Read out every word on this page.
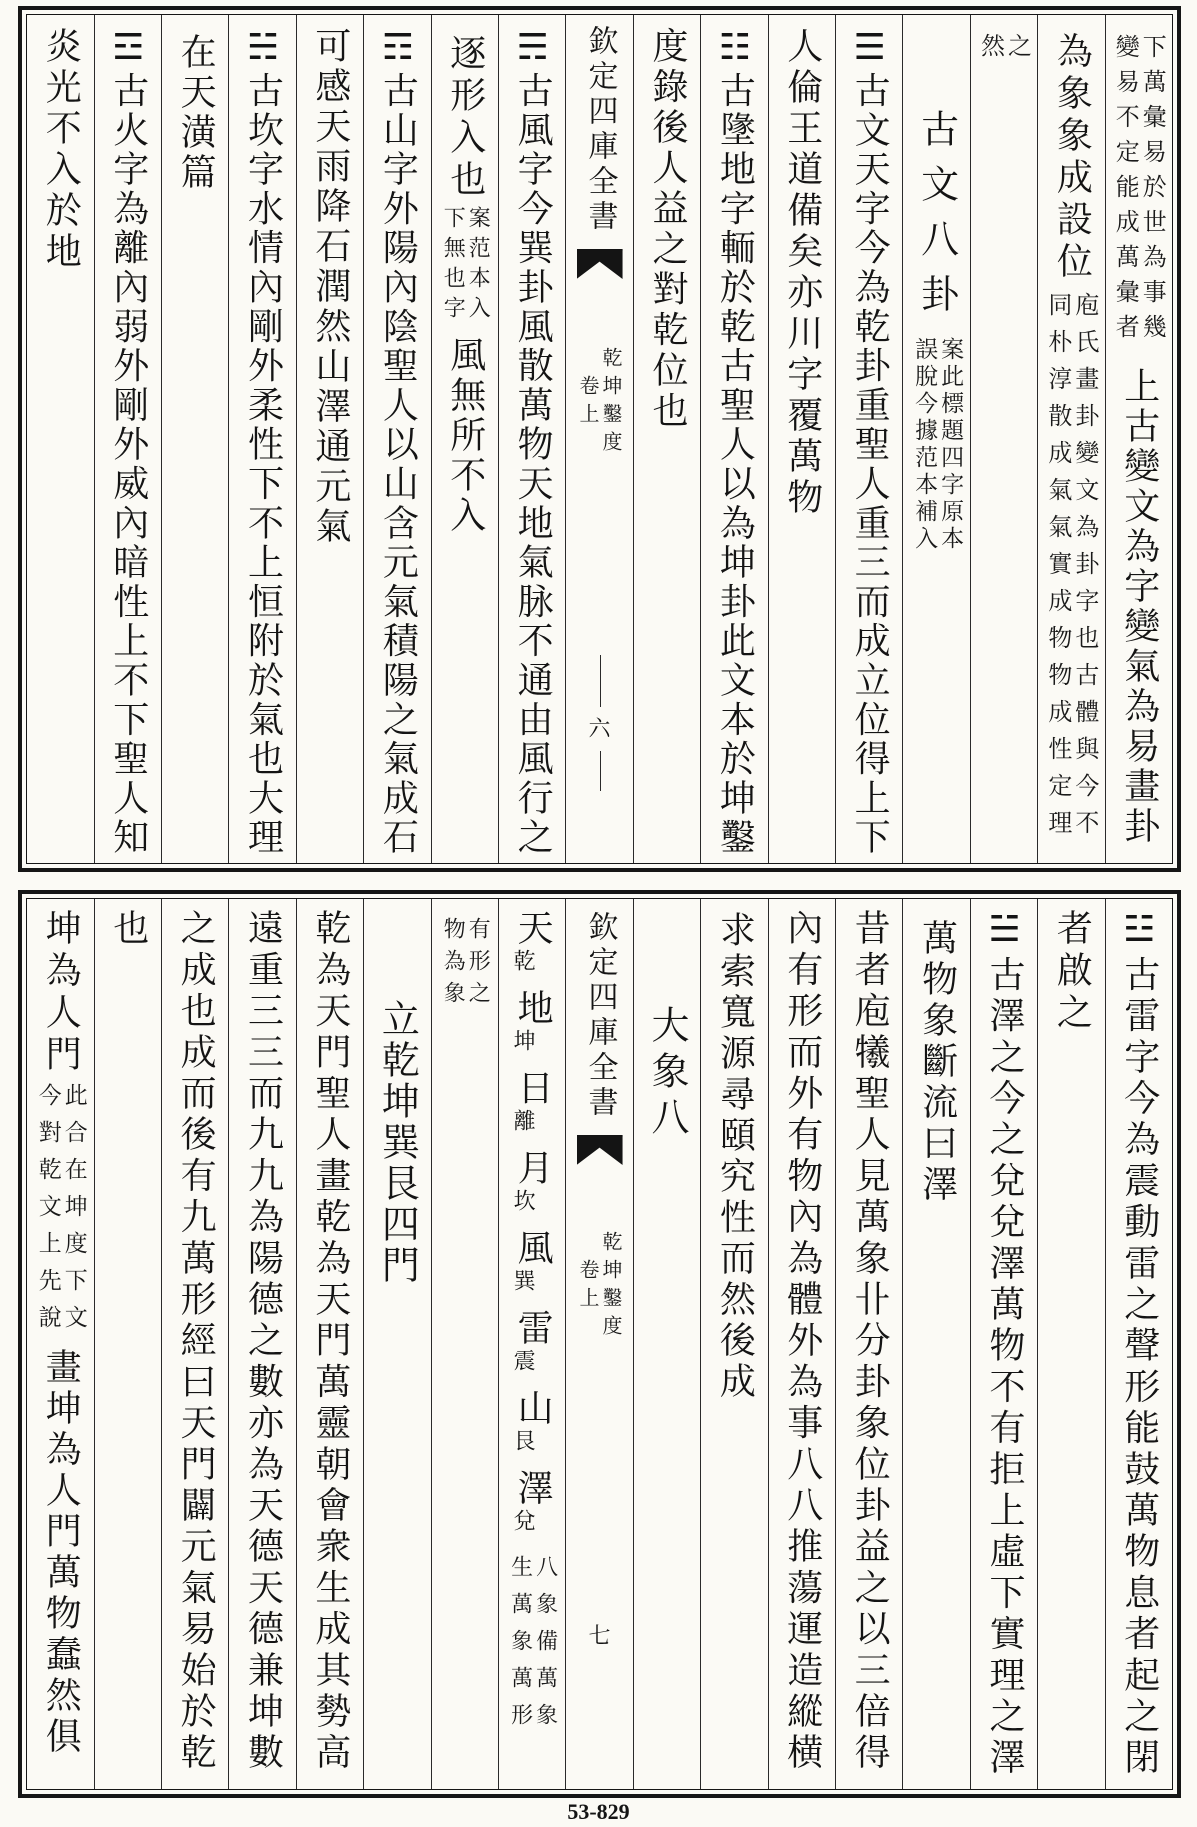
下萬彙易於世為事幾
變易不定能成萬彙者
上古變文為字變氣為易畫卦
為象象成設位
庖氏畫卦變文為卦字也古體與今不
同朴淳散成氣氣實成物物成性定理
之
然
古文八卦
案此標題四字原本
誤脫今據范本補入
☰古文天字今為乾卦重聖人重三而成立位得上下
人倫王道備矣亦川字覆萬物
☷古墬地字輀於乾古聖人以為坤卦此文本於坤鑿
度錄後人益之對乾位也
欽定四庫全書
乾坤鑿度
卷上
六
☴古風字今巽卦風散萬物天地氣脉不通由風行之
逐形入也
案范本入
下無也字
風無所不入
☶古山字外陽內陰聖人以山含元氣積陽之氣成石
可感天雨降石潤然山澤通元氣
☵古坎字水情內剛外柔性下不上恒附於氣也大理
在天潢篇
☲古火字為離內弱外剛外威內暗性上不下聖人知
炎光不入於地
☳古雷字今為震動雷之聲形能鼓萬物息者起之閉
者啟之
☱古澤之今之兌兌澤萬物不有拒上虛下實理之澤
萬物象斷流曰澤
昔者庖犧聖人見萬象卝分卦象位卦益之以三倍得
內有形而外有物內為體外為事八八推蕩運造縱横
求索寬源尋頤究性而然後成
大象八
欽定四庫全書
乾坤鑿度
卷上
七
天乾地坤日離月坎風巽雷震山艮澤兌
八象備萬象
生萬象萬形
有形之
物為象
立乾坤巽艮四門
乾為天門聖人畫乾為天門萬靈朝會衆生成其勢高
遠重三三而九九為陽德之數亦為天德天德兼坤數
之成也成而後有九萬形經曰天門闢元氣易始於乾
也
坤為人門
此合在坤度下文
今對乾文上先說
畫坤為人門萬物蠢然俱
53-829
